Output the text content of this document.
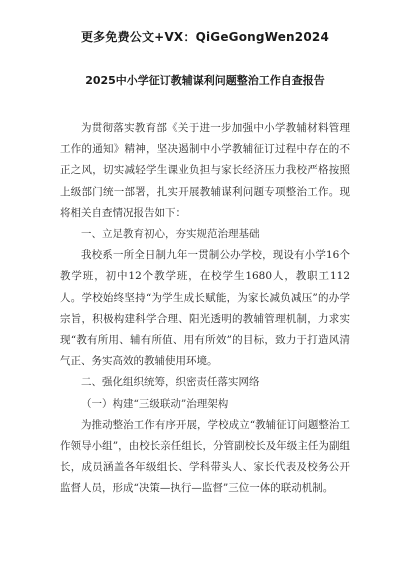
更多免费公文+VX：QiGeGongWen2024
2025中小学征订教辅谋利问题整治工作自查报告

为贯彻落实教育部《关于进一步加强中小学教辅材料管理工作的通知》精神，坚决遏制中小学教辅征订过程中存在的不正之风，切实减轻学生课业负担与家长经济压力我校严格按照上级部门统一部署，扎实开展教辅谋利问题专项整治工作。现将相关自查情况报告如下：

一、立足教育初心，夯实规范治理基础

我校系一所全日制九年一贯制公办学校，现设有小学16个教学班，初中12个教学班，在校学生1680人，教职工112人。学校始终坚持“为学生成长赋能，为家长减负减压”的办学宗旨，积极构建科学合理、阳光透明的教辅管理机制，力求实现“教有所用、辅有所值、用有所效”的目标，致力于打造风清气正、务实高效的教辅使用环境。

二、强化组织统筹，织密责任落实网络

（一）构建“三级联动”治理架构

为推动整治工作有序开展，学校成立“教辅征订问题整治工作领导小组”，由校长亲任组长，分管副校长及年级主任为副组长，成员涵盖各年级组长、学科带头人、家长代表及校务公开监督人员，形成“决策—执行—监督”三位一体的联动机制。
